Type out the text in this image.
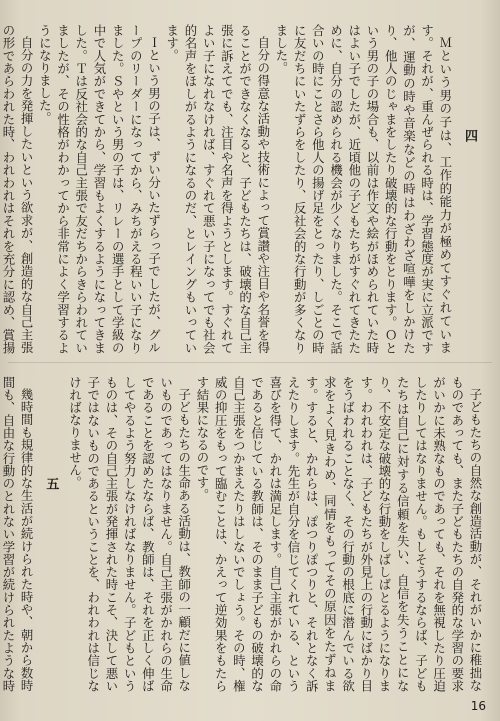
四

Ｍという男の子は、工作的能力が極めてすぐれています。それが、重んぜられる時は、学習態度が実に立派ですが、運動の時や音楽などの時はわざわざ喧嘩をしかけたり、他人のじゃまをしたり破壊的な行動をとります。Ｏという男の子の場合も、以前は作文や絵がほめられていた時はよい子でしたが、近頃他の子どもたちがすぐれてきたために、自分の認められる機会が少くなりました。そこで話合いの時にことさら他人の揚げ足をとったり、しごとの時に友だちにいたずらをしたり、反社会的な行動が多くなりました。

自分の得意な活動や技術によって賞讃や注目や名誉を得ることができなくなると、子どもたちは、破壊的な自己主張に訴えてでも、注目や名声を得ようとします。すぐれてよい子になれなければ、すぐれて悪い子になってでも社会的名声をほしがるようになるのだ、とレイングもいっています。

Ｉという男の子は、ずい分いたずらっ子でしたが、グループのリーダーになってから、みちがえる程いい子になりました。Ｓやという男の子は、リレーの選手として学級の中で人気ができてから、学習もよくするようになってきました。Ｔは反社会的な自己主張で友だちからきらわれていましたが、その性格がわかってから非常によく学習するようになりました。

自分の力を発揮したいという欲求が、創造的な自己主張の形であらわれた時、われわれはそれを充分に認め、賞揚

子どもたちの自然な創造活動が、それがいかに稚拙なものであっても、また子どもたちの自発的な学習の要求がいかに未熟なものであっても、それを無視したり圧迫したりしてはなりません。もしそうするならば、子どもたちは自己に対する信頼を失い、自信を失うことになり、不安定な破壊的な行動をしばしばとるようになります。われわれは、子どもたちが外見上の行動にばかり目をうばわれることなく、その行動の根底に潜んでいる欲求をよく見きわめ、同情をもってその原因をたずねます。すると、かれらは、ぽつりぽつりと、それとなく訴えたりします。先生が自分を信じてくれている、という喜びを得て、かれは満足します。自己主張がかれらの命であると信じている教師は、そのまま子どもの破壊的な自己主張をつかまえたりはしないでしょう。その時、権威の抑圧をもって臨むことは、かえって逆効果をもたらす結果になるのです。

子どもたちの生命ある活動は、教師の一顧だに値しないものであってはなりません。自己主張がかれらの生命であることを認めたならば、教師は、それを正しく伸ばしてやるよう努力しなければなりません。子どもというものは、その自己主張が発揮された時こそ、決して悪い子ではないものであるということを、われわれは信じなければなりません。

五

幾時間も規律的な生活が続けられた時や、朝から数時間も、自由な行動のとれない学習が続けられたような時

16
